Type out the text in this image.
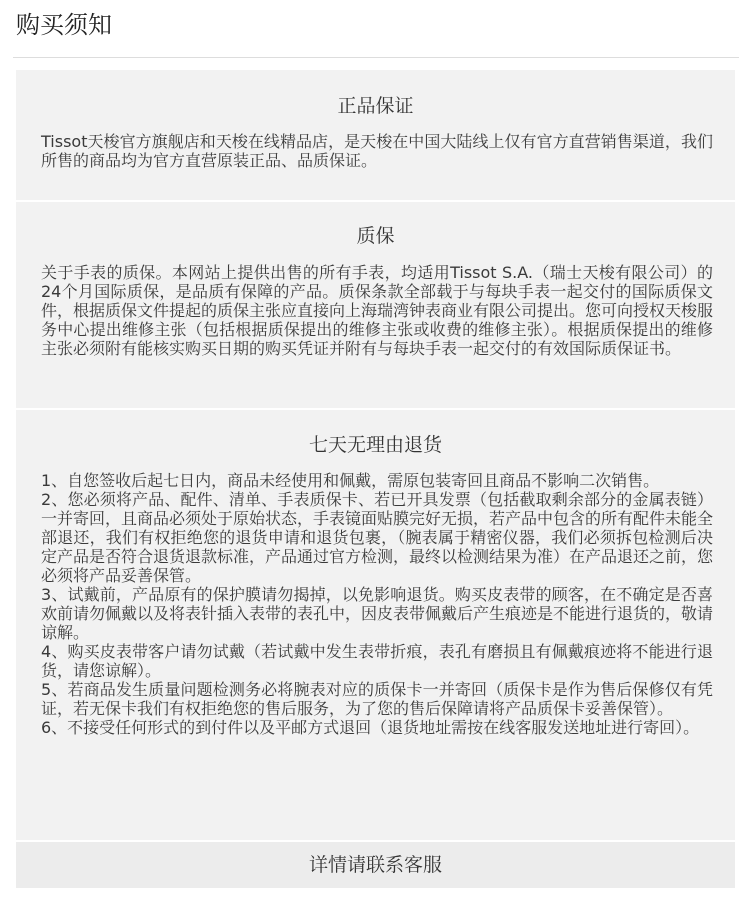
购买须知
正品保证
Tissot天梭官方旗舰店和天梭在线精品店，是天梭在中国大陆线上仅有官方直营销售渠道，我们所售的商品均为官方直营原装正品、品质保证。
质保
关于手表的质保。本网站上提供出售的所有手表，均适用Tissot S.A.（瑞士天梭有限公司）的24个月国际质保，是品质有保障的产品。质保条款全部载于与每块手表一起交付的国际质保文件，根据质保文件提起的质保主张应直接向上海瑞湾钟表商业有限公司提出。您可向授权天梭服务中心提出维修主张（包括根据质保提出的维修主张或收费的维修主张）。根据质保提出的维修主张必须附有能核实购买日期的购买凭证并附有与每块手表一起交付的有效国际质保证书。
七天无理由退货
1、自您签收后起七日内，商品未经使用和佩戴，需原包装寄回且商品不影响二次销售。
2、您必须将产品、配件、清单、手表质保卡、若已开具发票（包括截取剩余部分的金属表链）一并寄回，且商品必须处于原始状态，手表镜面贴膜完好无损，若产品中包含的所有配件未能全部退还，我们有权拒绝您的退货申请和退货包裹，（腕表属于精密仪器，我们必须拆包检测后决定产品是否符合退货退款标准，产品通过官方检测，最终以检测结果为准）在产品退还之前，您必须将产品妥善保管。
3、试戴前，产品原有的保护膜请勿揭掉，以免影响退货。购买皮表带的顾客，在不确定是否喜欢前请勿佩戴以及将表针插入表带的表孔中，因皮表带佩戴后产生痕迹是不能进行退货的，敬请谅解。
4、购买皮表带客户请勿试戴（若试戴中发生表带折痕，表孔有磨损且有佩戴痕迹将不能进行退货，请您谅解）。
5、若商品发生质量问题检测务必将腕表对应的质保卡一并寄回（质保卡是作为售后保修仅有凭证，若无保卡我们有权拒绝您的售后服务，为了您的售后保障请将产品质保卡妥善保管）。
6、不接受任何形式的到付件以及平邮方式退回（退货地址需按在线客服发送地址进行寄回）。
详情请联系客服
